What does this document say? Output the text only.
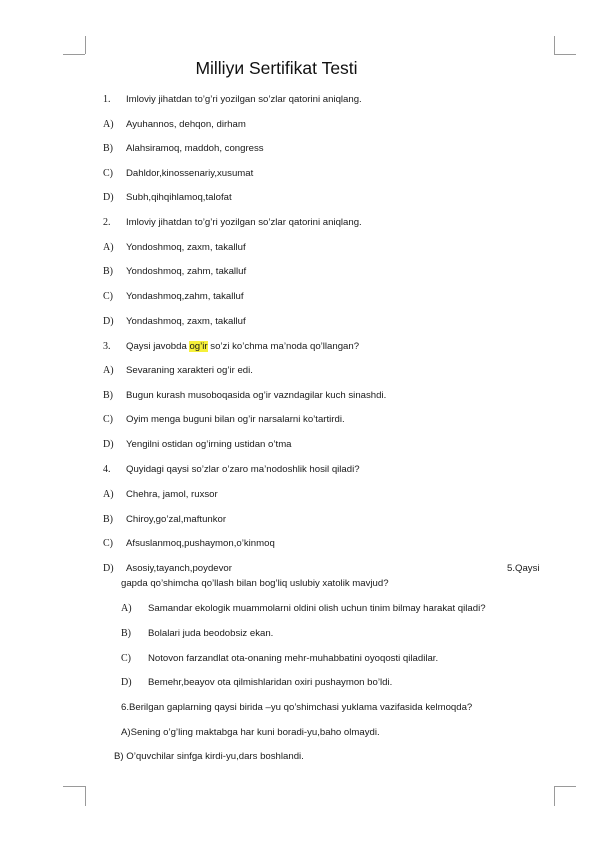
Milliyи Sertifikat Testi
1. Imloviy jihatdan to’g’ri yozilgan so’zlar qatorini aniqlang.
A) Ayuhannos, dehqon, dirham
B) Alahsiramoq, maddoh, congress
C) Dahldor,kinossenariy,xusumat
D) Subh,qihqihlamoq,talofat
2. Imloviy jihatdan to’g’ri yozilgan so’zlar qatorini aniqlang.
A) Yondoshmoq, zaxm, takalluf
B) Yondoshmoq, zahm, takalluf
C) Yondashmoq,zahm, takalluf
D) Yondashmoq, zaxm, takalluf
3. Qaysi javobda og’ir so’zi ko’chma ma’noda qo’llangan?
A) Sevaraning xarakteri og’ir edi.
B) Bugun kurash musoboqasida og’ir vazndagilar kuch sinashdi.
C) Oyim menga buguni bilan og’ir narsalarni ko’tartirdi.
D) Yengilni ostidan og’irning ustidan o’tma
4. Quyidagi qaysi so’zlar o’zaro ma’nodoshlik hosil qiladi?
A) Chehra, jamol, ruxsor
B) Chiroy,go’zal,maftunkor
C) Afsuslanmoq,pushaymon,o’kinmoq
D) Asosiy,tayanch,poydevor	5.Qaysi
gapda qo’shimcha qo’llash bilan bog’liq uslubiy xatolik mavjud?
A) Samandar ekologik muammolarni oldini olish uchun tinim bilmay harakat qiladi?
B) Bolalari juda beodobsiz ekan.
C) Notovon farzandlat ota-onaning mehr-muhabbatini oyoqosti qiladilar.
D) Bemehr,beayov ota qilmishlaridan oxiri pushaymon bo’ldi.
6.Berilgan gaplarning qaysi birida –yu qo’shimchasi yuklama vazifasida kelmoqda?
A)Sening o’g’ling maktabga har kuni boradi-yu,baho olmaydi.
B) O’quvchilar sinfga kirdi-yu,dars boshlandi.
